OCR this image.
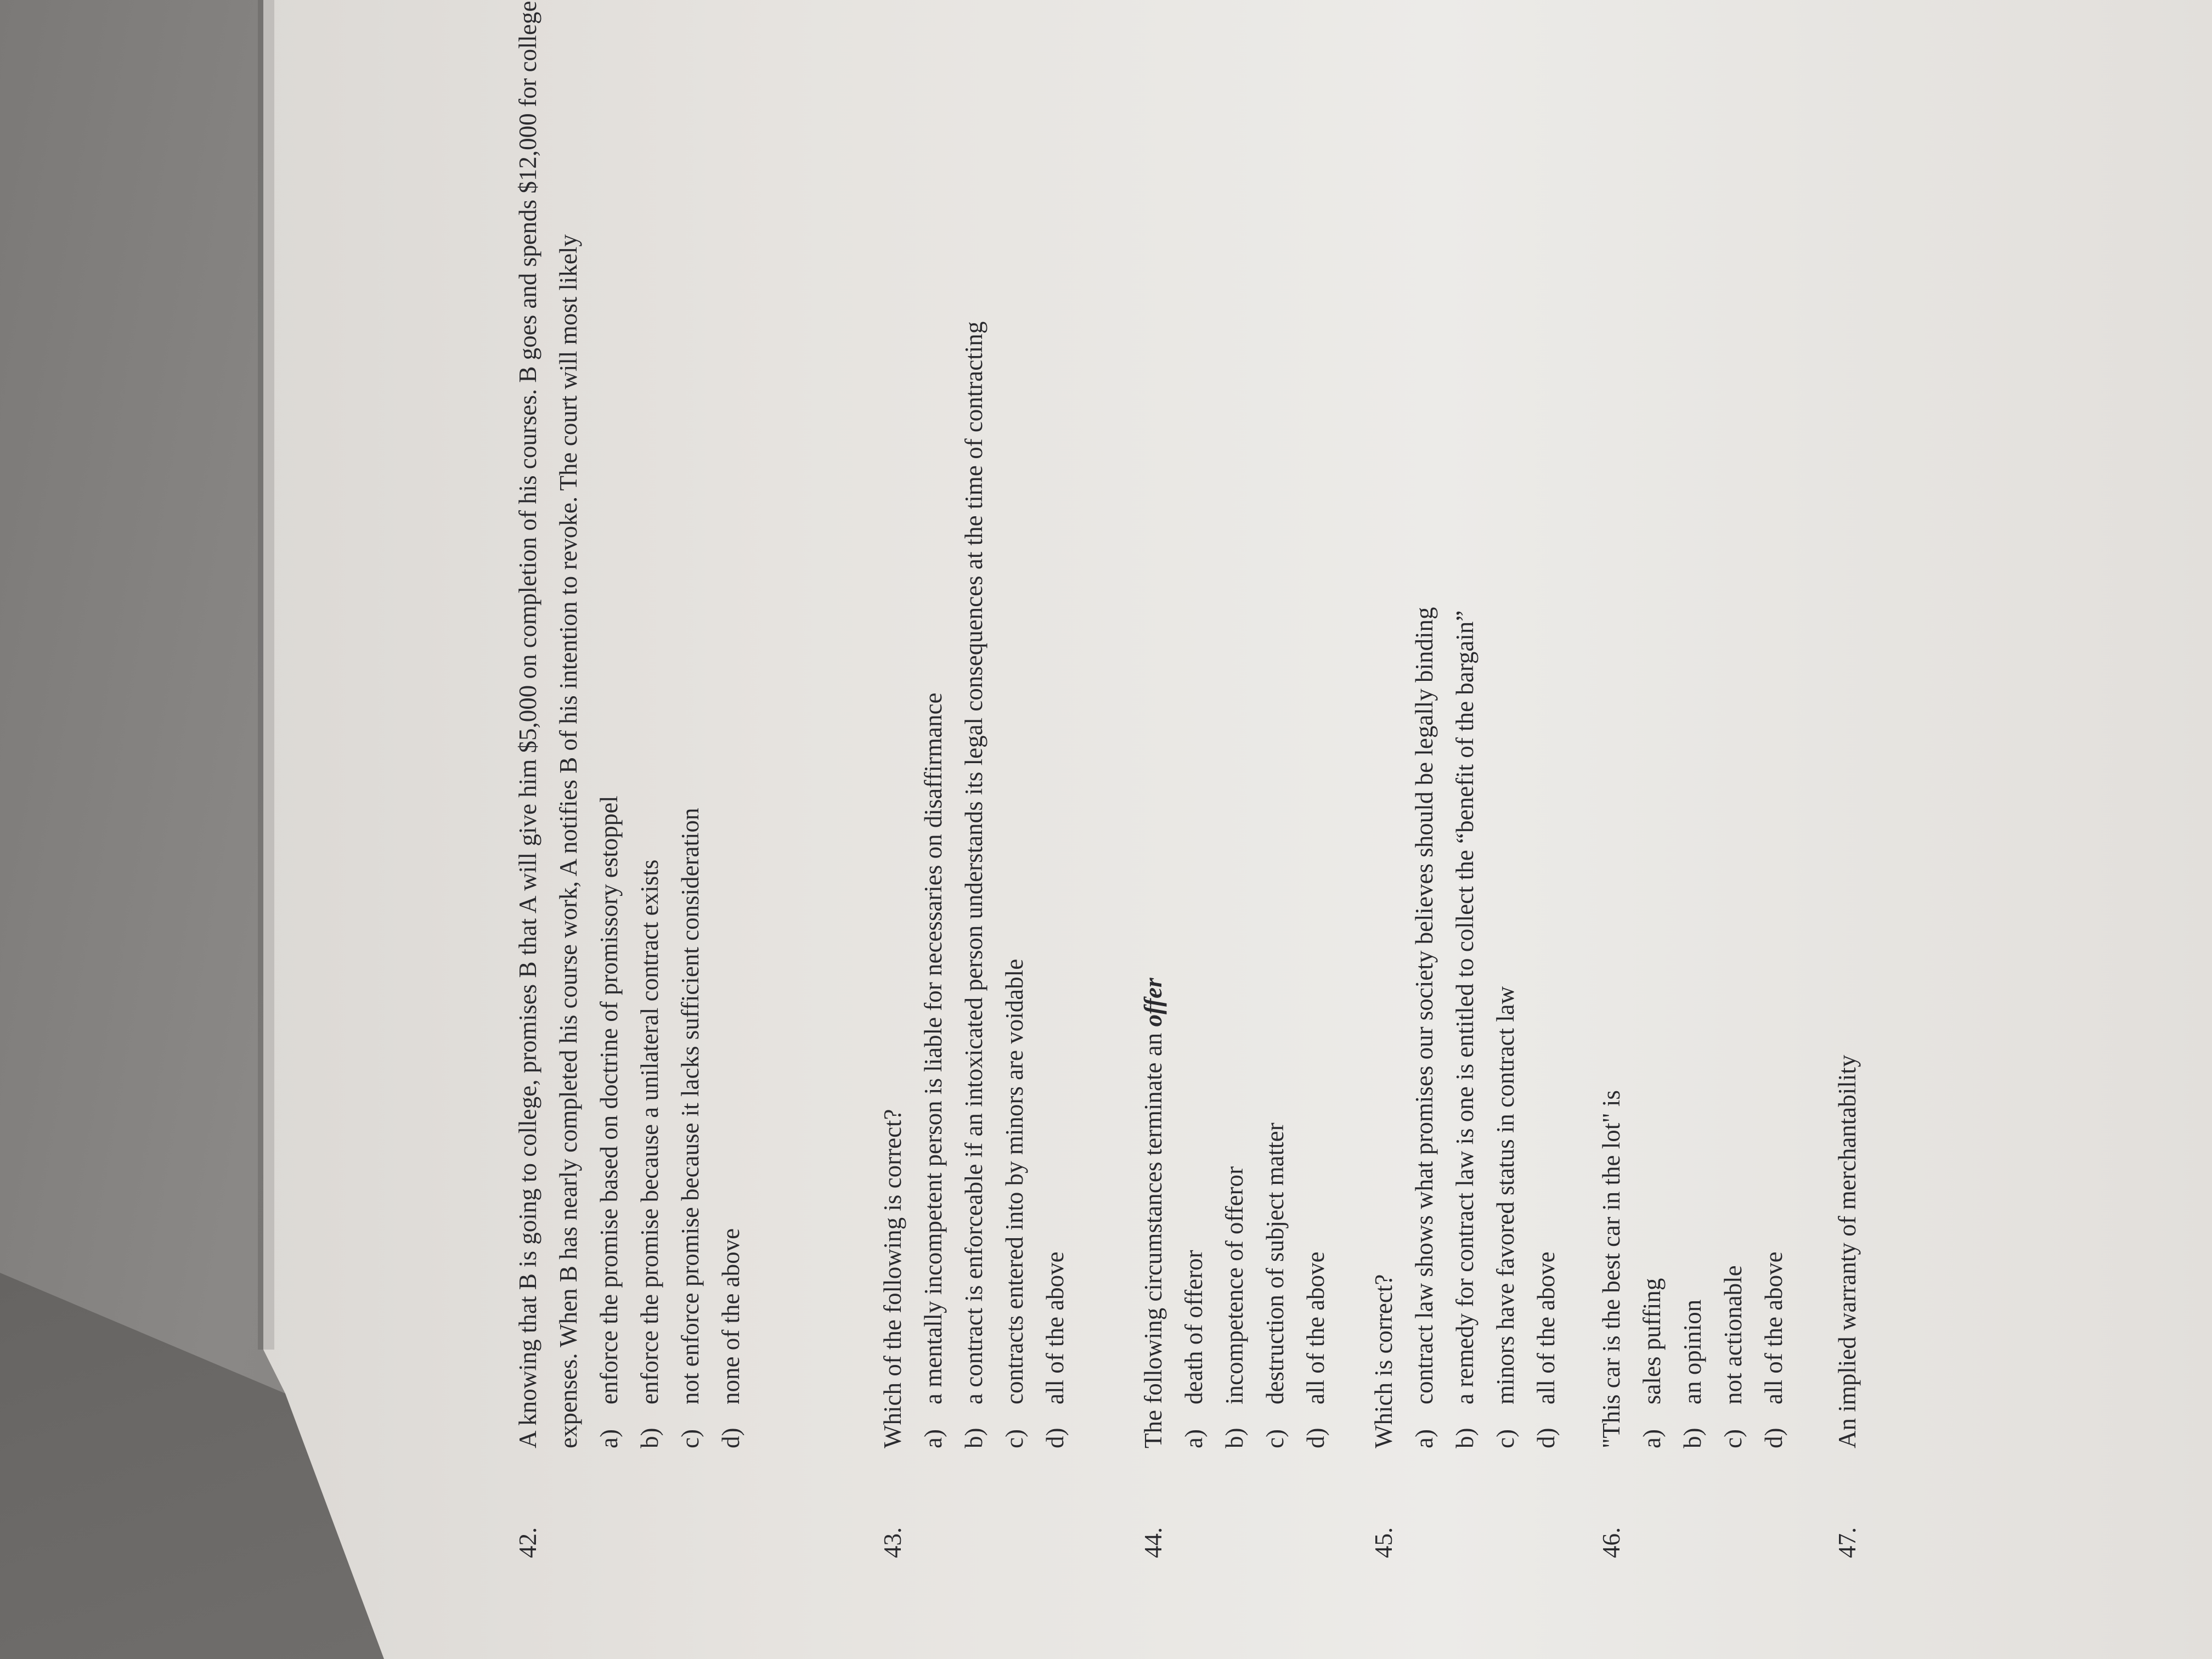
42.
A knowing that B is going to college, promises B that A will give him $5,000 on completion of his courses. B goes and spends $12,000 for college expenses. When B has nearly completed his course work, A notifies B of his intention to revoke. The court will most likely a)
enforce the promise based on doctrine of promissory estoppel
b)
enforce the promise because a unilateral contract exists
c)
not enforce promise because it lacks sufficient consideration
d)
none of the above
43.
Which of the following is correct? a)
a mentally incompetent person is liable for necessaries on disaffirmance
b)
a contract is enforceable if an intoxicated person understands its legal consequences at the time of contracting
c)
contracts entered into by minors are voidable
d)
all of the above
44.
The following circumstances terminate an offer
a)
death of offeror
b)
incompetence of offeror
c)
destruction of subject matter
d)
all of the above
45.
Which is correct? a)
contract law shows what promises our society believes should be legally binding
b)
a remedy for contract law is one is entitled to collect the “benefit of the bargain”
c)
minors have favored status in contract law
d)
all of the above
46.
"This car is the best car in the lot" is a)
sales puffing
b)
an opinion
c)
not actionable
d)
all of the above
47.
An implied warranty of merchantability
